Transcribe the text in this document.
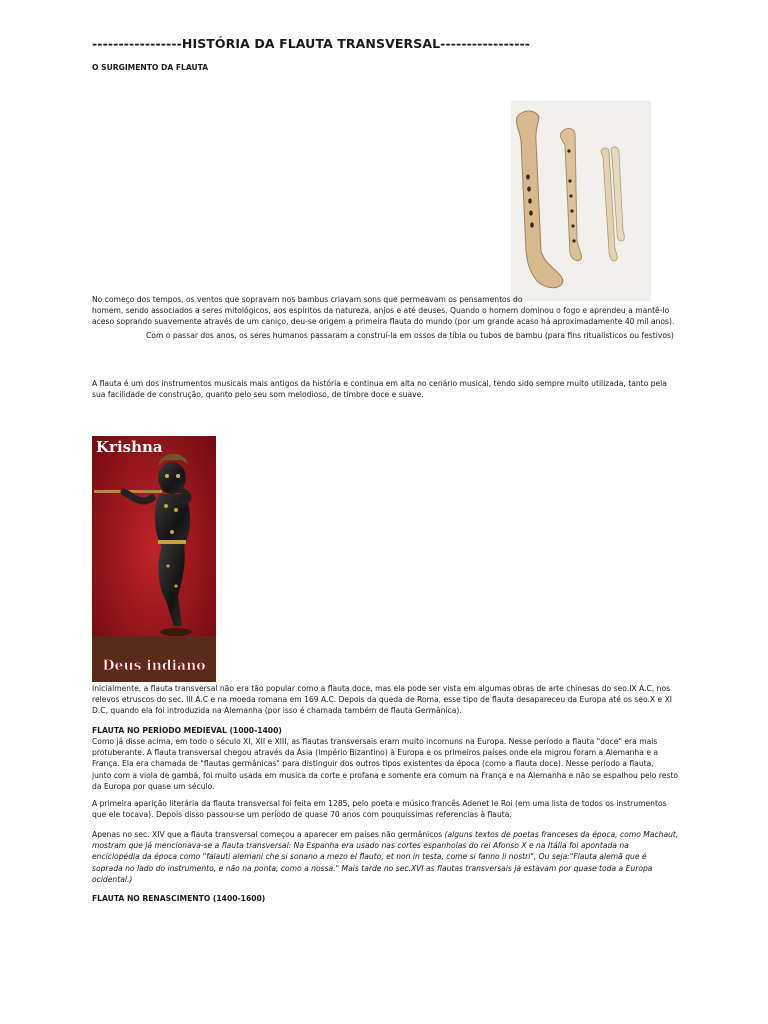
-----------------HISTÓRIA DA FLAUTA TRANSVERSAL-----------------
O SURGIMENTO DA FLAUTA
No começo dos tempos, os ventos que sopravam nos bambus criavam sons que permeavam os pensamentos do
homem, sendo associados a seres mitológicos, aos espíritos da natureza, anjos e até deuses. Quando o homem dominou o fogo e aprendeu a mantê-lo
aceso soprando suavemente através de um caniço, deu-se origem a primeira flauta do mundo (por um grande acaso há aproximadamente 40 mil anos).
Com o passar dos anos, os seres humanos passaram a construí-la em ossos da tíbia ou tubos de bambu (para fins ritualísticos ou festivos)
A flauta é um dos instrumentos musicais mais antigos da história e continua em alta no cenário musical, tendo sido sempre muito utilizada, tanto pela
sua facilidade de construção, quanto pelo seu som melodioso, de timbre doce e suave.
Krishna
Deus indiano
Inicialmente, a flauta transversal não era tão popular como a flauta doce, mas ela pode ser vista em algumas obras de arte chinesas do seo.IX A.C, nos
relevos etruscos do sec. III A.C e na moeda romana em 169 A.C. Depois da queda de Roma, esse tipo de flauta desapareceu da Europa até os seo.X e XI
D.C, quando ela foi introduzida na Alemanha (por isso é chamada também de flauta Germânica).
FLAUTA NO PERÍODO MEDIEVAL (1000-1400)
Como já disse acima, em todo o século XI, XII e XIII, as flautas transversais eram muito incomuns na Europa. Nesse período a flauta "doce" era mais
protuberante. A flauta transversal chegou através da Ásia (Império Bizantino) à Europa e os primeiros países onde ela migrou foram a Alemanha e a
França. Ela era chamada de "flautas germânicas" para distinguir dos outros tipos existentes da época (como a flauta doce). Nesse período a flauta,
junto com a viola de gambá, foi muito usada em musica da corte e profana e somente era comum na França e na Alemanha e não se espalhou pelo resto
da Europa por quase um século.
A primeira aparição literária da flauta transversal foi feita em 1285, pelo poeta e músico francês Adenet le Roi (em uma lista de todos os instrumentos
que ele tocava). Depois disso passou-se um período de quase 70 anos com pouquíssimas referencias à flauta.
Apenas no sec. XIV que a flauta transversal começou a aparecer em países não germânicos (alguns textos de poetas franceses da época, como Machaut,
mostram que já mencionava-se a flauta transversal: Na Espanha era usado nas cortes espanholas do rei Afonso X e na Itália foi apontada na
enciclopédia da época como "falauti alemani che si sonano a mezo el flauto, et non in testa, come si fanno li nostri", Ou seja:"Flauta alemã que é
soprada no lado do instrumento, e não na ponta, como a nossa." Mais tarde no sec.XVI as flautas transversais já estavam por quase toda a Europa
ocidental.)
FLAUTA NO RENASCIMENTO (1400-1600)
